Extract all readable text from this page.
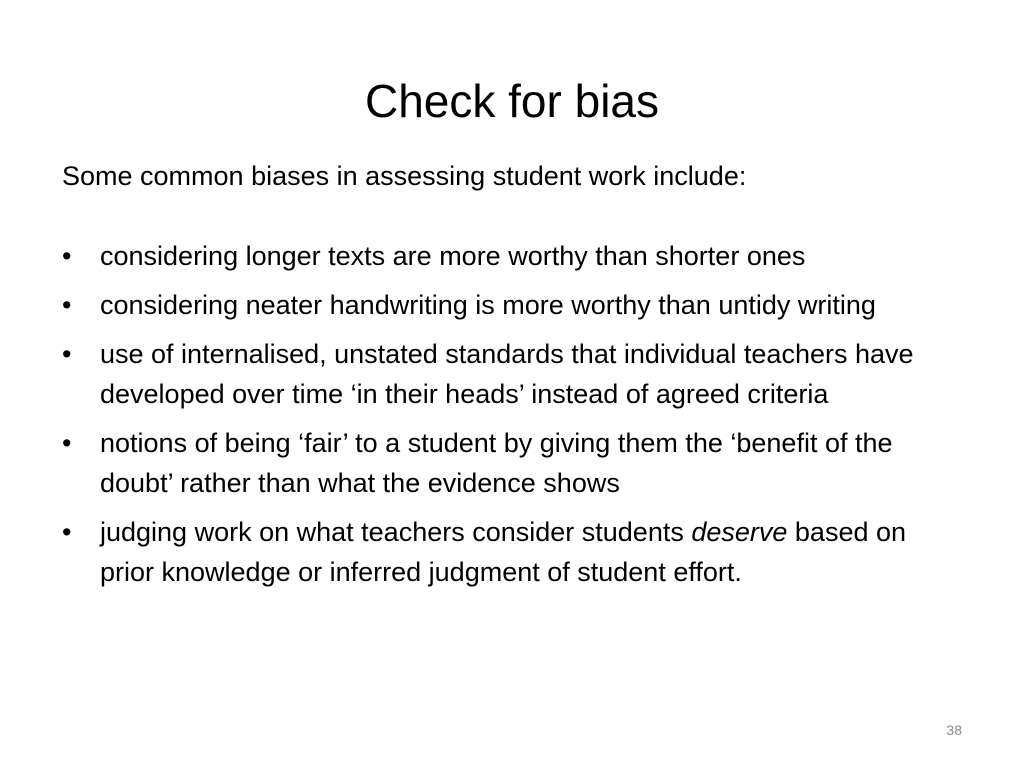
Check for bias

Some common biases in assessing student work include:

•	considering longer texts are more worthy than shorter ones
•	considering neater handwriting is more worthy than untidy writing
•	use of internalised, unstated standards that individual teachers have developed over time ‘in their heads’ instead of agreed criteria
•	notions of being ‘fair’ to a student by giving them the ‘benefit of the doubt’ rather than what the evidence shows
•	judging work on what teachers consider students deserve based on prior knowledge or inferred judgment of student effort.
38
